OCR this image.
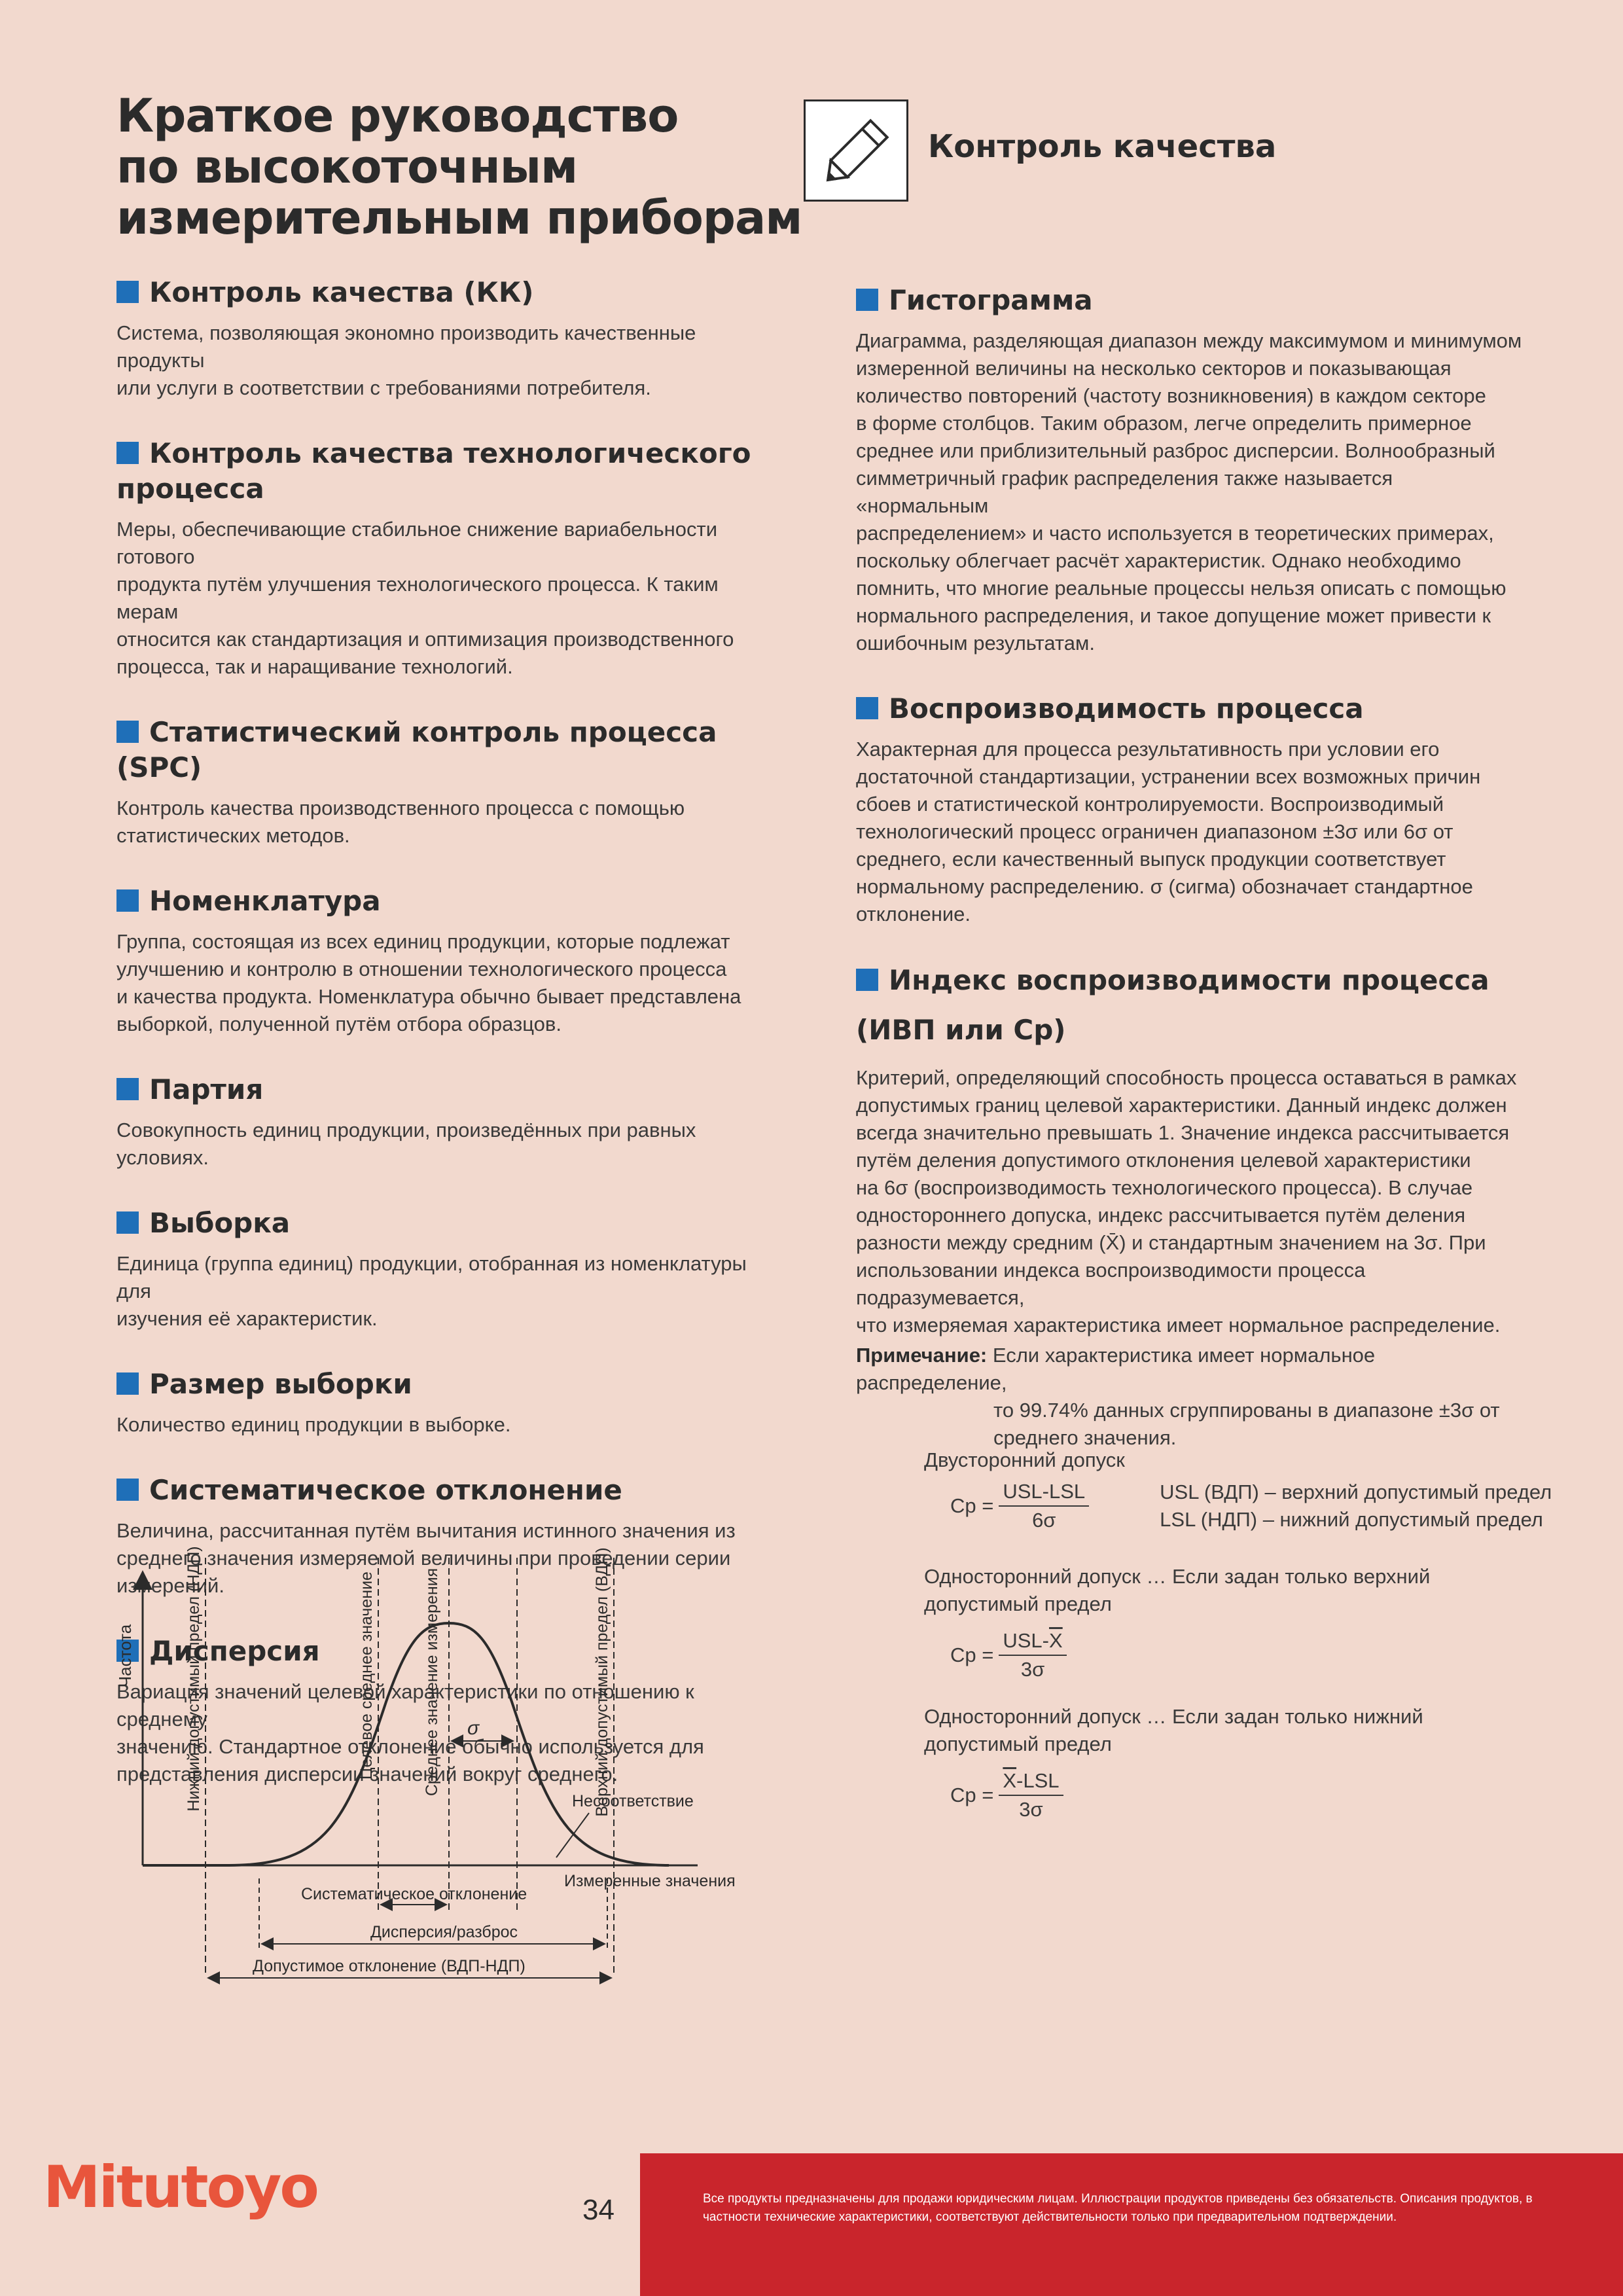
Краткое руководство
по высокоточным
измерительным приборам
Контроль качества
Контроль качества (КК)

Система, позволяющая экономно производить качественные продукты
или услуги в соответствии с требованиями потребителя.

Контроль качества технологического процесса

Меры, обеспечивающие стабильное снижение вариабельности готового
продукта путём улучшения технологического процесса. К таким мерам
относится как стандартизация и оптимизация производственного
процесса, так и наращивание технологий.

Статистический контроль процесса (SPC)

Контроль качества производственного процесса с помощью
статистических методов.

Номенклатура

Группа, состоящая из всех единиц продукции, которые подлежат
улучшению и контролю в отношении технологического процесса
и качества продукта. Номенклатура обычно бывает представлена
выборкой, полученной путём отбора образцов.

Партия

Совокупность единиц продукции, произведённых при равных условиях.

Выборка

Единица (группа единиц) продукции, отобранная из номенклатуры для
изучения её характеристик.

Размер выборки

Количество единиц продукции в выборке.

Систематическое отклонение

Величина, рассчитанная путём вычитания истинного значения из
среднего значения измеряемой величины при проведении серии
измерений.

Дисперсия

Вариация значений целевой характеристики по отношению к среднему
значению. Стандартное отклонение обычно используется для
представления дисперсии значений вокруг среднего.

Частота	Нижний допустимый предел (НДП)	Целевое среднее значение	Среднее значение измерения	Верхний допустимый предел (ВДП)
σ
Несоответствие
Измеренные значения
Систематическое отклонение
Дисперсия/разброс
Допустимое отклонение (ВДП-НДП)
Гистограмма

Диаграмма, разделяющая диапазон между максимумом и минимумом
измеренной величины на несколько секторов и показывающая
количество повторений (частоту возникновения) в каждом секторе
в форме столбцов. Таким образом, легче определить примерное
среднее или приблизительный разброс дисперсии. Волнообразный
симметричный график распределения также называется «нормальным
распределением» и часто используется в теоретических примерах,
поскольку облегчает расчёт характеристик. Однако необходимо
помнить, что многие реальные процессы нельзя описать с помощью
нормального распределения, и такое допущение может привести к
ошибочным результатам.

Воспроизводимость процесса

Характерная для процесса результативность при условии его
достаточной стандартизации, устранении всех возможных причин
сбоев и статистической контролируемости. Воспроизводимый
технологический процесс ограничен диапазоном ±3σ или 6σ от
среднего, если качественный выпуск продукции соответствует
нормальному распределению. σ (сигма) обозначает стандартное
отклонение.

Индекс воспроизводимости процесса
(ИВП или Cp)

Критерий, определяющий способность процесса оставаться в рамках
допустимых границ целевой характеристики. Данный индекс должен
всегда значительно превышать 1. Значение индекса рассчитывается
путём деления допустимого отклонения целевой характеристики
на 6σ (воспроизводимость технологического процесса). В случае
одностороннего допуска, индекс рассчитывается путём деления
разности между средним (X̄) и стандартным значением на 3σ. При
использовании индекса воспроизводимости процесса подразумевается,
что измеряемая характеристика имеет нормальное распределение.

Примечание: Если характеристика имеет нормальное распределение,
то 99.74% данных сгруппированы в диапазоне ±3σ от
среднего значения.
Двусторонний допуск
$Cp = \frac{\text{USL-LSL}}{6\sigma}$	USL (ВДП) – верхний допустимый предел
LSL (НДП) – нижний допустимый предел
Односторонний допуск … Если задан только верхний
допустимый предел
$Cp = \frac{USL-\overline{X}}{3\sigma}$
Односторонний допуск … Если задан только нижний
допустимый предел
$Cp = \frac{\overline{X}-LSL}{3\sigma}$
Mitutoyo	34	Все продукты предназначены для продажи юридическим лицам. Иллюстрации продуктов приведены без обязательств. Описания продуктов, в частности технические характеристики, соответствуют действительности только при предварительном подтверждении.
